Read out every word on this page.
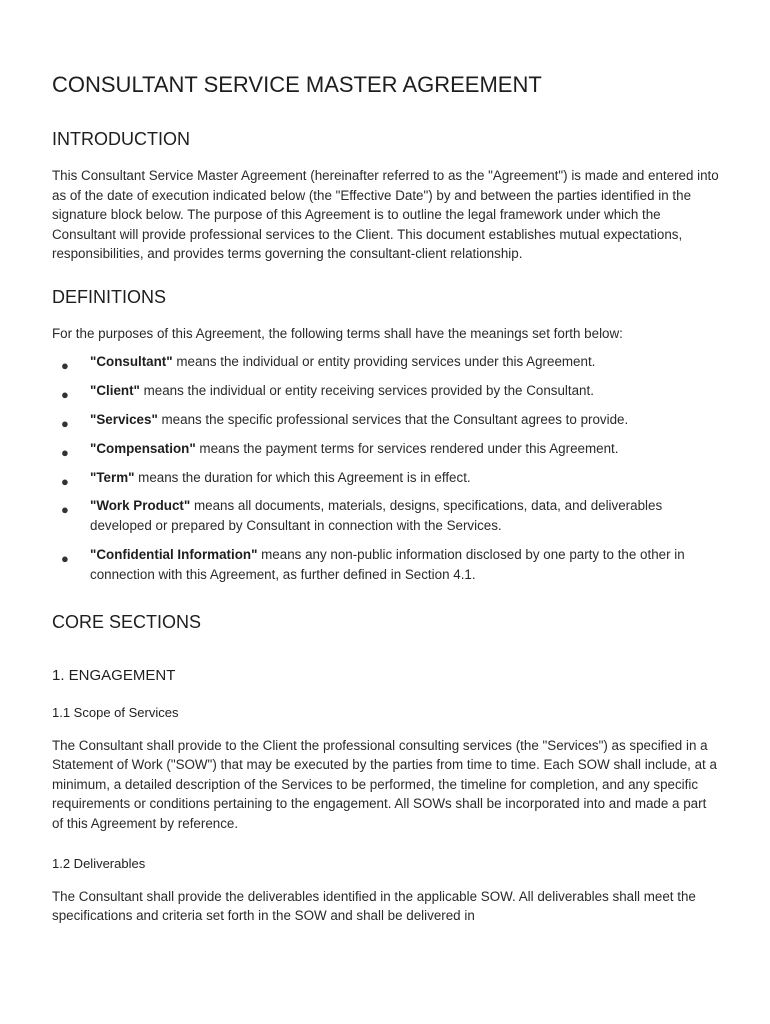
CONSULTANT SERVICE MASTER AGREEMENT
INTRODUCTION

This Consultant Service Master Agreement (hereinafter referred to as the "Agreement") is made and entered into as of the date of execution indicated below (the "Effective Date") by and between the parties identified in the signature block below. The purpose of this Agreement is to outline the legal framework under which the Consultant will provide professional services to the Client. This document establishes mutual expectations, responsibilities, and provides terms governing the consultant-client relationship.

DEFINITIONS

For the purposes of this Agreement, the following terms shall have the meanings set forth below:

● "Consultant" means the individual or entity providing services under this Agreement.
● "Client" means the individual or entity receiving services provided by the Consultant.
● "Services" means the specific professional services that the Consultant agrees to provide.
● "Compensation" means the payment terms for services rendered under this Agreement.
● "Term" means the duration for which this Agreement is in effect.
● "Work Product" means all documents, materials, designs, specifications, data, and deliverables developed or prepared by Consultant in connection with the Services.
● "Confidential Information" means any non-public information disclosed by one party to the other in connection with this Agreement, as further defined in Section 4.1.
CORE SECTIONS
1. ENGAGEMENT
1.1 Scope of Services

The Consultant shall provide to the Client the professional consulting services (the "Services") as specified in a Statement of Work ("SOW") that may be executed by the parties from time to time. Each SOW shall include, at a minimum, a detailed description of the Services to be performed, the timeline for completion, and any specific requirements or conditions pertaining to the engagement. All SOWs shall be incorporated into and made a part of this Agreement by reference.

1.2 Deliverables

The Consultant shall provide the deliverables identified in the applicable SOW. All deliverables shall meet the specifications and criteria set forth in the SOW and shall be delivered in
